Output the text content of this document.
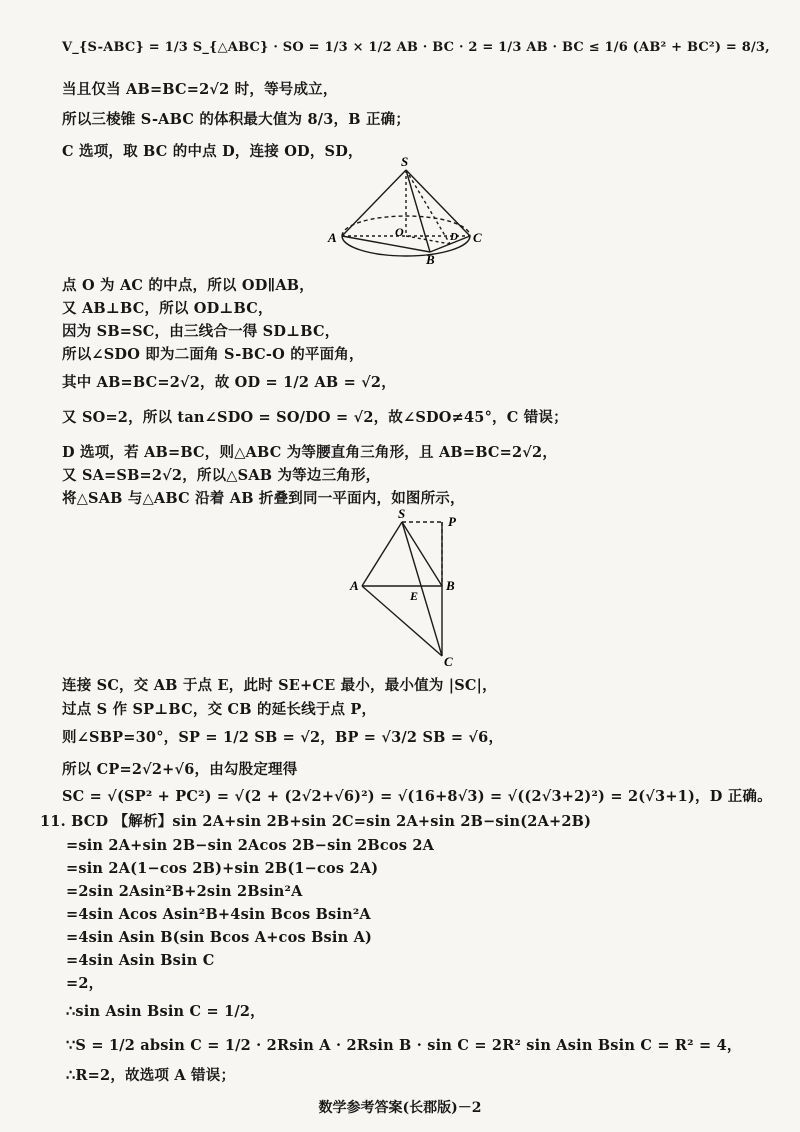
V_{S-ABC} = 1/3 S_{△ABC} · SO = 1/3 × 1/2 AB · BC · 2 = 1/3 AB · BC ≤ 1/6 (AB² + BC²) = 8/3,
当且仅当 AB=BC=2√2 时，等号成立，
所以三棱锥 S-ABC 的体积最大值为 8/3，B 正确；
C 选项，取 BC 的中点 D，连接 OD，SD，
S
A	O	D C
B
点 O 为 AC 的中点，所以 OD∥AB，
又 AB⊥BC，所以 OD⊥BC，
因为 SB=SC，由三线合一得 SD⊥BC，
所以∠SDO 即为二面角 S-BC-O 的平面角，
其中 AB=BC=2√2，故 OD = 1/2 AB = √2，
又 SO=2，所以 tan∠SDO = SO/DO = √2，故∠SDO≠45°，C 错误；
D 选项，若 AB=BC，则△ABC 为等腰直角三角形，且 AB=BC=2√2，
又 SA=SB=2√2，所以△SAB 为等边三角形，
将△SAB 与△ABC 沿着 AB 折叠到同一平面内，如图所示，
S
P
A
E
B
C
连接 SC，交 AB 于点 E，此时 SE+CE 最小，最小值为 |SC|，
过点 S 作 SP⊥BC，交 CB 的延长线于点 P，
则∠SBP=30°，SP = 1/2 SB = √2，BP = √3/2 SB = √6，
所以 CP=2√2+√6，由勾股定理得
SC = √(SP² + PC²) = √(2 + (2√2+√6)²) = √(16+8√3) = √((2√3+2)²) = 2(√3+1)，D 正确。
11. BCD 【解析】sin 2A+sin 2B+sin 2C=sin 2A+sin 2B−sin(2A+2B)
=sin 2A+sin 2B−sin 2Acos 2B−sin 2Bcos 2A
=sin 2A(1−cos 2B)+sin 2B(1−cos 2A)
=2sin 2Asin²B+2sin 2Bsin²A
=4sin Acos Asin²B+4sin Bcos Bsin²A
=4sin Asin B(sin Bcos A+cos Bsin A)
=4sin Asin Bsin C
=2，
∴sin Asin Bsin C = 1/2，
∵S = 1/2 absin C = 1/2 · 2Rsin A · 2Rsin B · sin C = 2R² sin Asin Bsin C = R² = 4，
∴R=2，故选项 A 错误；
数学参考答案(长郡版)－2
